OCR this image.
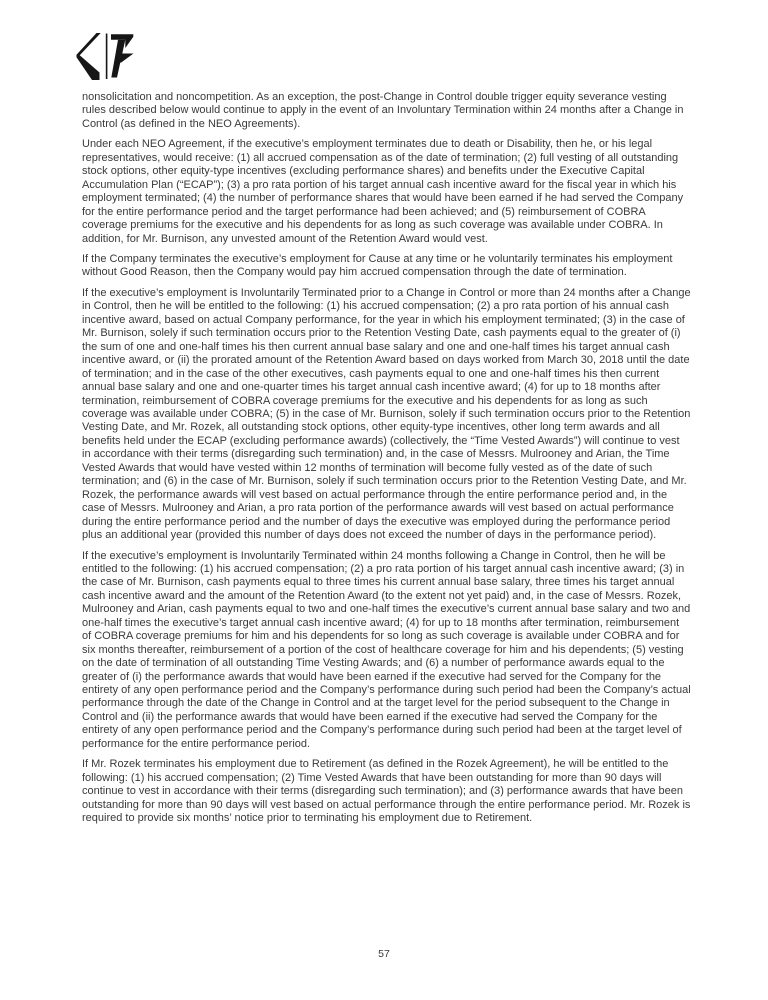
nonsolicitation and noncompetition. As an exception, the post-Change in Control double trigger equity severance vesting rules described below would continue to apply in the event of an Involuntary Termination within 24 months after a Change in Control (as defined in the NEO Agreements).

Under each NEO Agreement, if the executive’s employment terminates due to death or Disability, then he, or his legal representatives, would receive: (1) all accrued compensation as of the date of termination; (2) full vesting of all outstanding stock options, other equity-type incentives (excluding performance shares) and benefits under the Executive Capital Accumulation Plan (“ECAP”); (3) a pro rata portion of his target annual cash incentive award for the fiscal year in which his employment terminated; (4) the number of performance shares that would have been earned if he had served the Company for the entire performance period and the target performance had been achieved; and (5) reimbursement of COBRA coverage premiums for the executive and his dependents for as long as such coverage was available under COBRA. In addition, for Mr. Burnison, any unvested amount of the Retention Award would vest.

If the Company terminates the executive’s employment for Cause at any time or he voluntarily terminates his employment without Good Reason, then the Company would pay him accrued compensation through the date of termination.

If the executive’s employment is Involuntarily Terminated prior to a Change in Control or more than 24 months after a Change in Control, then he will be entitled to the following: (1) his accrued compensation; (2) a pro rata portion of his annual cash incentive award, based on actual Company performance, for the year in which his employment terminated; (3) in the case of Mr. Burnison, solely if such termination occurs prior to the Retention Vesting Date, cash payments equal to the greater of (i) the sum of one and one-half times his then current annual base salary and one and one-half times his target annual cash incentive award, or (ii) the prorated amount of the Retention Award based on days worked from March 30, 2018 until the date of termination; and in the case of the other executives, cash payments equal to one and one-half times his then current annual base salary and one and one-quarter times his target annual cash incentive award; (4) for up to 18 months after termination, reimbursement of COBRA coverage premiums for the executive and his dependents for as long as such coverage was available under COBRA; (5) in the case of Mr. Burnison, solely if such termination occurs prior to the Retention Vesting Date, and Mr. Rozek, all outstanding stock options, other equity-type incentives, other long term awards and all benefits held under the ECAP (excluding performance awards) (collectively, the “Time Vested Awards”) will continue to vest in accordance with their terms (disregarding such termination) and, in the case of Messrs. Mulrooney and Arian, the Time Vested Awards that would have vested within 12 months of termination will become fully vested as of the date of such termination; and (6) in the case of Mr. Burnison, solely if such termination occurs prior to the Retention Vesting Date, and Mr. Rozek, the performance awards will vest based on actual performance through the entire performance period and, in the case of Messrs. Mulrooney and Arian, a pro rata portion of the performance awards will vest based on actual performance during the entire performance period and the number of days the executive was employed during the performance period plus an additional year (provided this number of days does not exceed the number of days in the performance period).

If the executive’s employment is Involuntarily Terminated within 24 months following a Change in Control, then he will be entitled to the following: (1) his accrued compensation; (2) a pro rata portion of his target annual cash incentive award; (3) in the case of Mr. Burnison, cash payments equal to three times his current annual base salary, three times his target annual cash incentive award and the amount of the Retention Award (to the extent not yet paid) and, in the case of Messrs. Rozek, Mulrooney and Arian, cash payments equal to two and one-half times the executive’s current annual base salary and two and one-half times the executive’s target annual cash incentive award; (4) for up to 18 months after termination, reimbursement of COBRA coverage premiums for him and his dependents for so long as such coverage is available under COBRA and for six months thereafter, reimbursement of a portion of the cost of healthcare coverage for him and his dependents; (5) vesting on the date of termination of all outstanding Time Vesting Awards; and (6) a number of performance awards equal to the greater of (i) the performance awards that would have been earned if the executive had served for the Company for the entirety of any open performance period and the Company’s performance during such period had been the Company’s actual performance through the date of the Change in Control and at the target level for the period subsequent to the Change in Control and (ii) the performance awards that would have been earned if the executive had served the Company for the entirety of any open performance period and the Company’s performance during such period had been at the target level of performance for the entire performance period.

If Mr. Rozek terminates his employment due to Retirement (as defined in the Rozek Agreement), he will be entitled to the following: (1) his accrued compensation; (2) Time Vested Awards that have been outstanding for more than 90 days will continue to vest in accordance with their terms (disregarding such termination); and (3) performance awards that have been outstanding for more than 90 days will vest based on actual performance through the entire performance period. Mr. Rozek is required to provide six months’ notice prior to terminating his employment due to Retirement.

57
